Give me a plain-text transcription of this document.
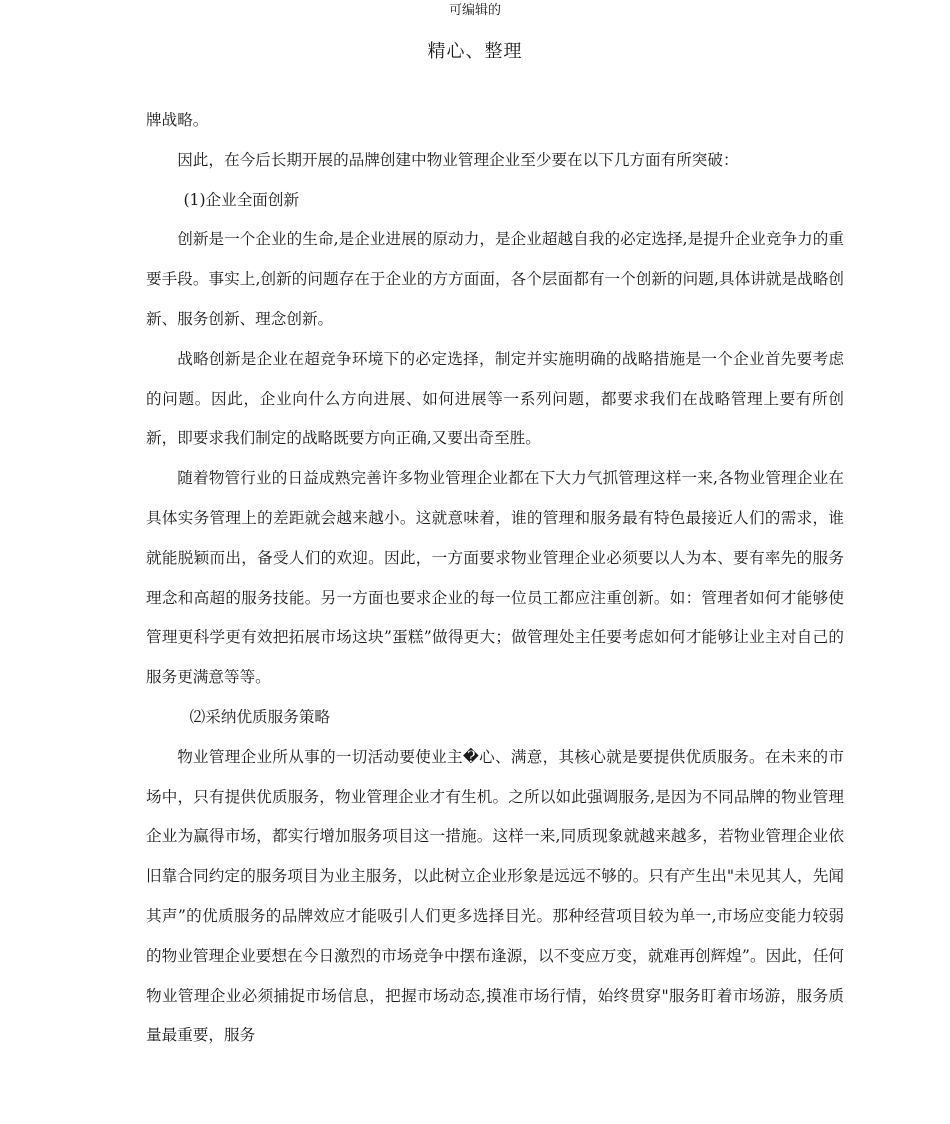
可编辑的
精心、整理

牌战略。

因此，在今后长期开展的品牌创建中物业管理企业至少要在以下几方面有所突破：

(1)企业全面创新

创新是一个企业的生命,是企业进展的原动力，是企业超越自我的必定选择,是提升企业竞争力的重要手段。事实上,创新的问题存在于企业的方方面面，各个层面都有一个创新的问题,具体讲就是战略创新、服务创新、理念创新。

战略创新是企业在超竞争环境下的必定选择，制定并实施明确的战略措施是一个企业首先要考虑的问题。因此，企业向什么方向进展、如何进展等一系列问题，都要求我们在战略管理上要有所创新，即要求我们制定的战略既要方向正确,又要出奇至胜。

随着物管行业的日益成熟完善许多物业管理企业都在下大力气抓管理这样一来,各物业管理企业在具体实务管理上的差距就会越来越小。这就意味着，谁的管理和服务最有特色最接近人们的需求，谁就能脱颖而出，备受人们的欢迎。因此，一方面要求物业管理企业必须要以人为本、要有率先的服务理念和高超的服务技能。另一方面也要求企业的每一位员工都应注重创新。如：管理者如何才能够使管理更科学更有效把拓展市场这块”蛋糕”做得更大；做管理处主任要考虑如何才能够让业主对自己的服务更满意等等。

⑵采纳优质服务策略

物业管理企业所从事的一切活动要使业主�心、满意，其核心就是要提供优质服务。在未来的市场中，只有提供优质服务，物业管理企业才有生机。之所以如此强调服务,是因为不同品牌的物业管理企业为赢得市场，都实行增加服务项目这一措施。这样一来,同质现象就越来越多，若物业管理企业依旧靠合同约定的服务项目为业主服务，以此树立企业形象是远远不够的。只有产生出"未见其人，先闻其声”的优质服务的品牌效应才能吸引人们更多选择目光。那种经营项目较为单一,市场应变能力较弱的物业管理企业要想在今日激烈的市场竞争中摆布逢源，以不变应万变，就难再创辉煌”。因此，任何物业管理企业必须捕捉市场信息，把握市场动态,摸准市场行情，始终贯穿"服务盯着市场游，服务质量最重要，服务
